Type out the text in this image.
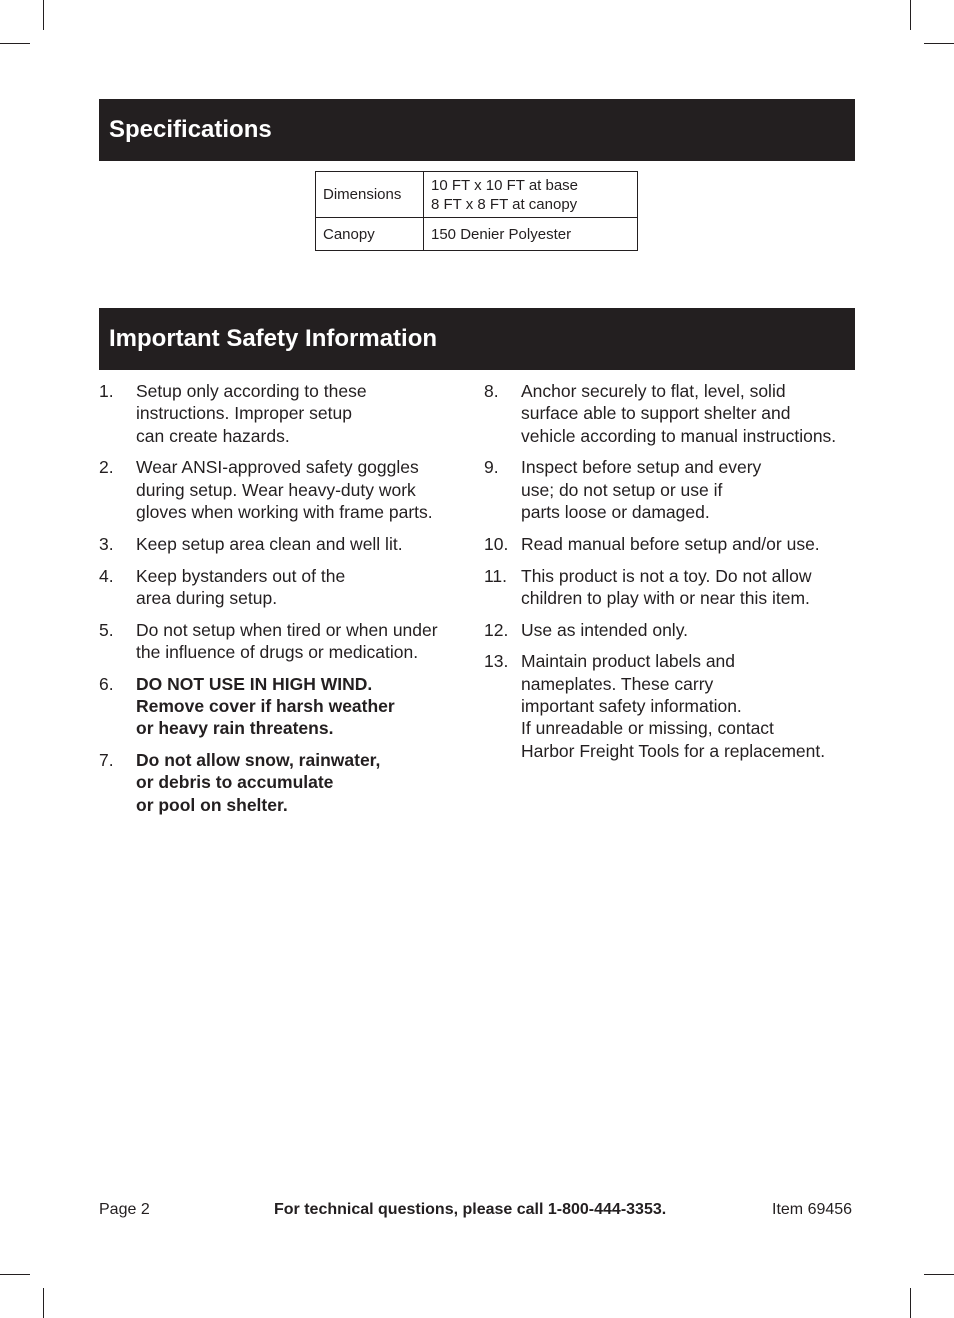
Specifications
Dimensions	10 FT x 10 FT at base
8 FT x 8 FT at canopy

Canopy	150 Denier Polyester
Important Safety Information
1.	Setup only according to these
instructions. Improper setup
can create hazards.
2.	Wear ANSI-approved safety goggles
during setup. Wear heavy-duty work
gloves when working with frame parts.
3.	Keep setup area clean and well lit.
4.	Keep bystanders out of the
area during setup.
5.	Do not setup when tired or when under
the influence of drugs or medication.
6.	DO NOT USE IN HIGH WIND.
Remove cover if harsh weather
or heavy rain threatens.
7.	Do not allow snow, rainwater,
or debris to accumulate
or pool on shelter.
8.	Anchor securely to flat, level, solid
surface able to support shelter and
vehicle according to manual instructions.
9.	Inspect before setup and every
use; do not setup or use if
parts loose or damaged.
10. Read manual before setup and/or use.
11. This product is not a toy. Do not allow
children to play with or near this item.
12. Use as intended only.
13. Maintain product labels and
nameplates. These carry
important safety information.
If unreadable or missing, contact
Harbor Freight Tools for a replacement.
Page 2	For technical questions, please call 1-800-444-3353.	Item 69456
